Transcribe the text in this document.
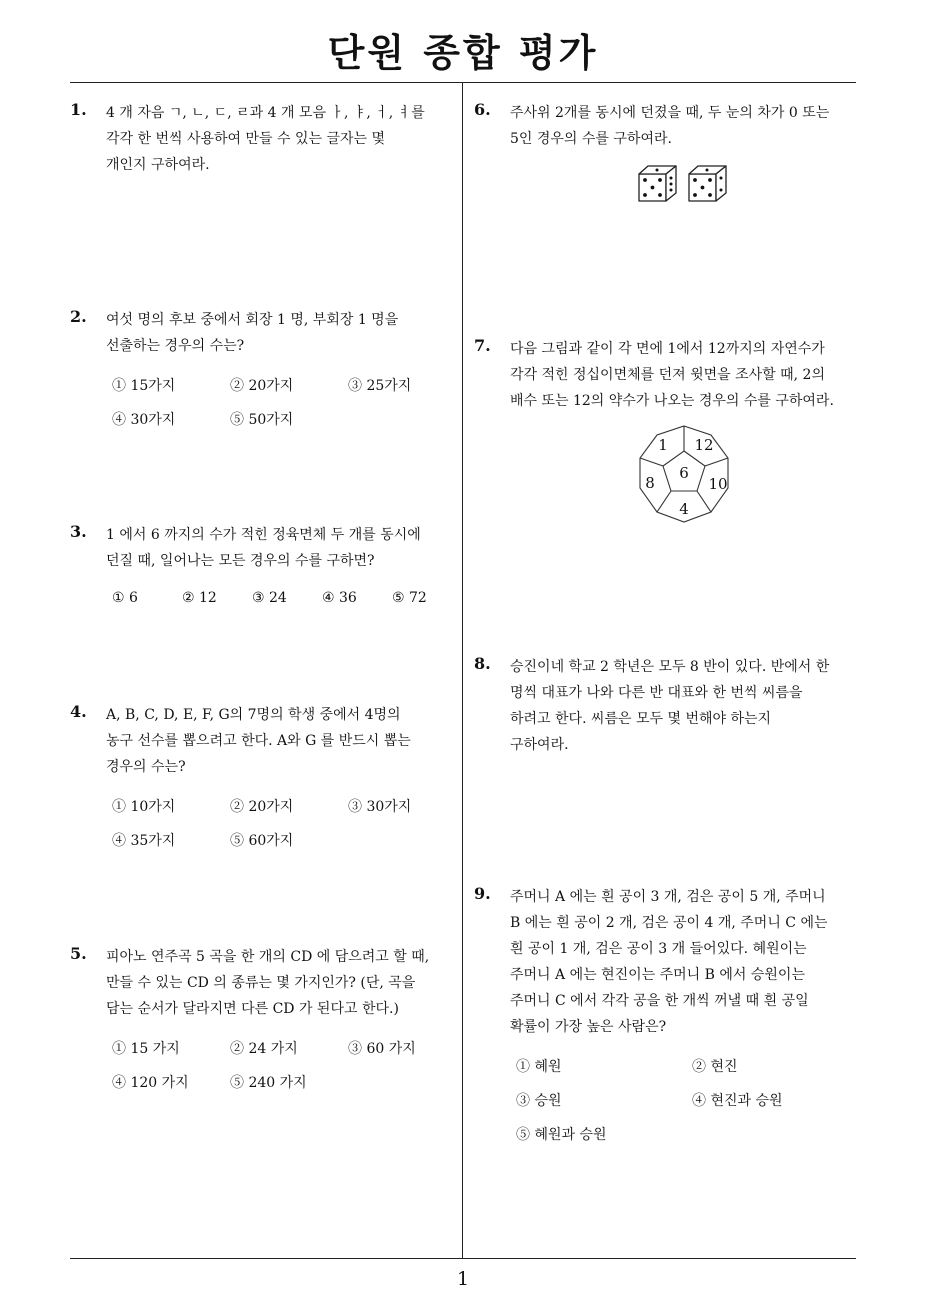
단원 종합 평가
1. 4 개 자음 ㄱ, ㄴ, ㄷ, ㄹ과 4 개 모음 ㅏ, ㅑ, ㅓ, ㅕ를
각각 한 번씩 사용하여 만들 수 있는 글자는 몇
개인지 구하여라.
2. 여섯 명의 후보 중에서 회장 1 명, 부회장 1 명을
선출하는 경우의 수는?
① 15가지	② 20가지	③ 25가지
④ 30가지	⑤ 50가지
3. 1 에서 6 까지의 수가 적힌 정육면체 두 개를 동시에
던질 때, 일어나는 모든 경우의 수를 구하면?
① 6	② 12	③ 24	④ 36	⑤ 72
4. A, B, C, D, E, F, G의 7명의 학생 중에서 4명의
농구 선수를 뽑으려고 한다. A와 G 를 반드시 뽑는
경우의 수는?
① 10가지	② 20가지	③ 30가지
④ 35가지	⑤ 60가지
5. 피아노 연주곡 5 곡을 한 개의 CD 에 담으려고 할 때,
만들 수 있는 CD 의 종류는 몇 가지인가? (단, 곡을
담는 순서가 달라지면 다른 CD 가 된다고 한다.)
① 15 가지	② 24 가지	③ 60 가지
④ 120 가지	⑤ 240 가지
6. 주사위 2개를 동시에 던졌을 때, 두 눈의 차가 0 또는
5인 경우의 수를 구하여라.
7. 다음 그림과 같이 각 면에 1에서 12까지의 자연수가
각각 적힌 정십이면체를 던져 윗면을 조사할 때, 2의
배수 또는 12의 약수가 나오는 경우의 수를 구하여라.
1 12
6
8	10
4
8. 승진이네 학교 2 학년은 모두 8 반이 있다. 반에서 한
명씩 대표가 나와 다른 반 대표와 한 번씩 씨름을
하려고 한다. 씨름은 모두 몇 번해야 하는지
구하여라.
9. 주머니 A 에는 흰 공이 3 개, 검은 공이 5 개, 주머니
B 에는 흰 공이 2 개, 검은 공이 4 개, 주머니 C 에는
흰 공이 1 개, 검은 공이 3 개 들어있다. 혜원이는
주머니 A 에는 현진이는 주머니 B 에서 승원이는
주머니 C 에서 각각 공을 한 개씩 꺼낼 때 흰 공일
확률이 가장 높은 사람은?
① 혜원	② 현진
③ 승원	④ 현진과 승원
⑤ 혜원과 승원
1
